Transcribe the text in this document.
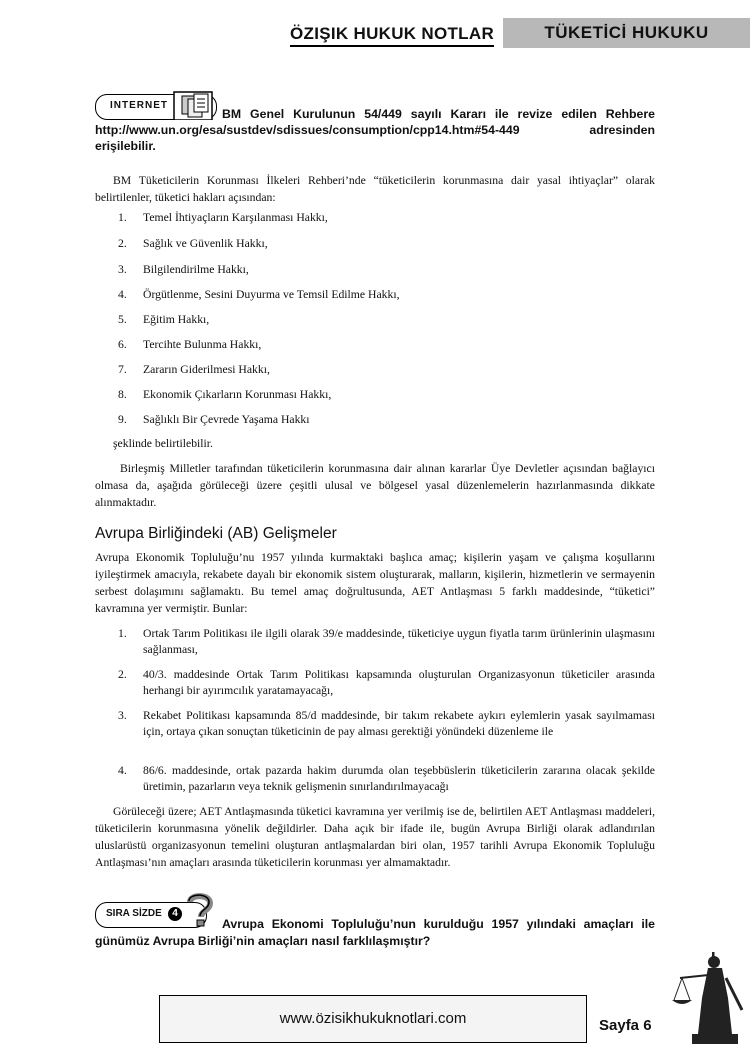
ÖZIŞIK HUKUK NOTLAR	TÜKETİCİ HUKUKU
INTERNET
BM Genel Kurulunun 54/449 sayılı Kararı ile revize edilen Rehbere
http://www.un.org/esa/sustdev/sdissues/consumption/cpp14.htm#54-449	adresinden
erişilebilir.
BM Tüketicilerin Korunması İlkeleri Rehberi’nde “tüketicilerin korunmasına dair yasal ihtiyaçlar” olarak belirtilenler, tüketici hakları açısından:
1. Temel İhtiyaçların Karşılanması Hakkı,
2. Sağlık ve Güvenlik Hakkı,
3. Bilgilendirilme Hakkı,
4. Örgütlenme, Sesini Duyurma ve Temsil Edilme Hakkı,
5. Eğitim Hakkı,
6. Tercihte Bulunma Hakkı,
7. Zararın Giderilmesi Hakkı,
8. Ekonomik Çıkarların Korunması Hakkı,
9. Sağlıklı Bir Çevrede Yaşama Hakkı
şeklinde belirtilebilir.
Birleşmiş Milletler tarafından tüketicilerin korunmasına dair alınan kararlar Üye Devletler açısından bağlayıcı olmasa da, aşağıda görüleceği üzere çeşitli ulusal ve bölgesel yasal düzenlemelerin hazırlanmasında dikkate alınmaktadır.
Avrupa Birliğindeki (AB) Gelişmeler
Avrupa Ekonomik Topluluğu’nu 1957 yılında kurmaktaki başlıca amaç; kişilerin yaşam ve çalışma koşullarını iyileştirmek amacıyla, rekabete dayalı bir ekonomik sistem oluşturarak, malların, kişilerin, hizmetlerin ve sermayenin serbest dolaşımını sağlamaktı. Bu temel amaç doğrultusunda, AET Antlaşması 5 farklı maddesinde, “tüketici” kavramına yer vermiştir. Bunlar:
1. Ortak Tarım Politikası ile ilgili olarak 39/e maddesinde, tüketiciye uygun fiyatla tarım ürünlerinin ulaşmasını sağlanması,
2. 40/3. maddesinde Ortak Tarım Politikası kapsamında oluşturulan Organizasyonun tüketiciler arasında herhangi bir ayırımcılık yaratamayacağı,
3. Rekabet Politikası kapsamında 85/d maddesinde, bir takım rekabete aykırı eylemlerin yasak sayılmaması için, ortaya çıkan sonuçtan tüketicinin de pay alması gerektiği yönündeki düzenleme ile
4. 86/6. maddesinde, ortak pazarda hakim durumda olan teşebbüslerin tüketicilerin zararına olacak şekilde üretimin, pazarların veya teknik gelişmenin sınırlandırılmayacağı
Görüleceği üzere; AET Antlaşmasında tüketici kavramına yer verilmiş ise de, belirtilen AET Antlaşması maddeleri, tüketicilerin korunmasına yönelik değildirler. Daha açık bir ifade ile, bugün Avrupa Birliği olarak adlandırılan uluslarüstü organizasyonun temelini oluşturan antlaşmalardan biri olan, 1957 tarihli Avrupa Ekonomik Topluluğu Antlaşması’nın amaçları arasında tüketicilerin korunması yer almamaktadır.
SIRA SİZDE	4
Avrupa Ekonomi Topluluğu’nun kurulduğu 1957 yılındaki amaçları ile
günümüz Avrupa Birliği’nin amaçları nasıl farklılaşmıştır?
www.özisikhukuknotlari.com	Sayfa 6
